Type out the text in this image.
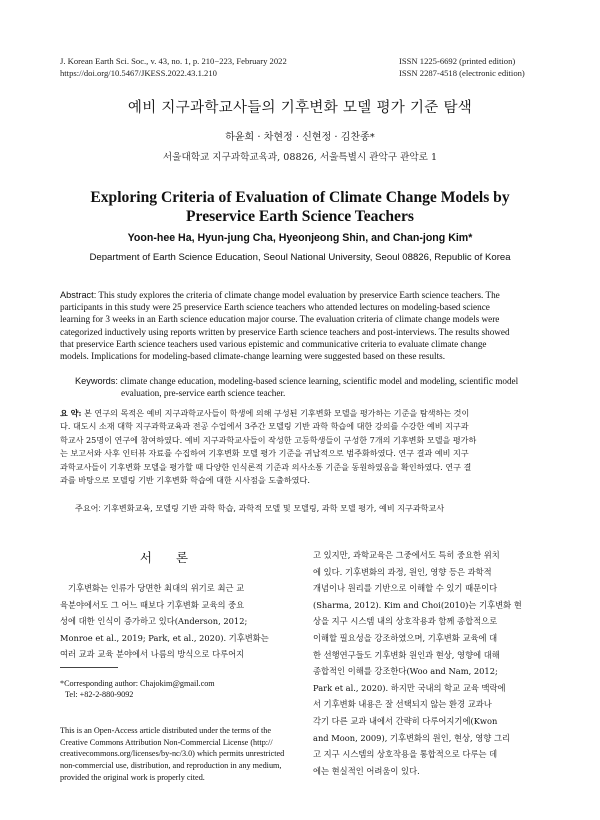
J. Korean Earth Sci. Soc., v. 43, no. 1, p. 210−223, February 2022
https://doi.org/10.5467/JKESS.2022.43.1.210
ISSN 1225-6692 (printed edition)
ISSN 2287-4518 (electronic edition)
예비 지구과학교사들의 기후변화 모델 평가 기준 탐색
하윤희 · 차현정 · 신현정 · 김찬종*
서울대학교 지구과학교육과, 08826, 서울특별시 관악구 관악로 1
Exploring Criteria of Evaluation of Climate Change Models by
Preservice Earth Science Teachers
Yoon-hee Ha, Hyun-jung Cha, Hyeonjeong Shin, and Chan-jong Kim*
Department of Earth Science Education, Seoul National University, Seoul 08826, Republic of Korea
Abstract: This study explores the criteria of climate change model evaluation by preservice Earth science teachers. The
participants in this study were 25 preservice Earth science teachers who attended lectures on modeling-based science
learning for 3 weeks in an Earth science education major course. The evaluation criteria of climate change models were
categorized inductively using reports written by preservice Earth science teachers and post-interviews. The results showed
that preservice Earth science teachers used various epistemic and communicative criteria to evaluate climate change
models. Implications for modeling-based climate-change learning were suggested based on these results.
Keywords: climate change education, modeling-based science learning, scientific model and modeling, scientific model
evaluation, pre-service earth science teacher.
요 약: 본 연구의 목적은 예비 지구과학교사들이 학생에 의해 구성된 기후변화 모델을 평가하는 기준을 탐색하는 것이
다. 대도시 소재 대학 지구과학교육과 전공 수업에서 3주간 모델링 기반 과학 학습에 대한 강의를 수강한 예비 지구과
학교사 25명이 연구에 참여하였다. 예비 지구과학교사들이 작성한 고등학생들이 구성한 7개의 기후변화 모델을 평가하
는 보고서와 사후 인터뷰 자료를 수집하여 기후변화 모델 평가 기준을 귀납적으로 범주화하였다. 연구 결과 예비 지구
과학교사들이 기후변화 모델을 평가할 때 다양한 인식론적 기준과 의사소통 기준을 동원하였음을 확인하였다. 연구 결
과를 바탕으로 모델링 기반 기후변화 학습에 대한 시사점을 도출하였다.
주요어: 기후변화교육, 모델링 기반 과학 학습, 과학적 모델 및 모델링, 과학 모델 평가, 예비 지구과학교사
서론
기후변화는 인류가 당면한 최대의 위기로 최근 교
육분야에서도 그 어느 때보다 기후변화 교육의 중요
성에 대한 인식이 증가하고 있다(Anderson, 2012;
Monroe et al., 2019; Park, et al., 2020). 기후변화는
여러 교과 교육 분야에서 나름의 방식으로 다루어지
*Corresponding author: Chajokim@gmail.com
Tel: +82-2-880-9092
This is an Open-Access article distributed under the terms of the
Creative Commons Attribution Non-Commercial License (http://
creativecommons.org/licenses/by-nc/3.0) which permits unrestricted
non-commercial use, distribution, and reproduction in any medium,
provided the original work is properly cited.
고 있지만, 과학교육은 그중에서도 특히 중요한 위치
에 있다. 기후변화의 과정, 원인, 영향 등은 과학적
개념이나 원리를 기반으로 이해할 수 있기 때문이다
(Sharma, 2012). Kim and Choi(2010)는 기후변화 현
상을 지구 시스템 내의 상호작용과 함께 종합적으로
이해할 필요성을 강조하였으며, 기후변화 교육에 대
한 선행연구들도 기후변화 원인과 현상, 영향에 대해
종합적인 이해를 강조한다(Woo and Nam, 2012;
Park et al., 2020). 하지만 국내의 학교 교육 맥락에
서 기후변화 내용은 잘 선택되지 않는 환경 교과나
각기 다른 교과 내에서 간략히 다루어지기에(Kwon
and Moon, 2009), 기후변화의 원인, 현상, 영향 그리
고 지구 시스템의 상호작용을 통합적으로 다루는 데
에는 현실적인 어려움이 있다.
